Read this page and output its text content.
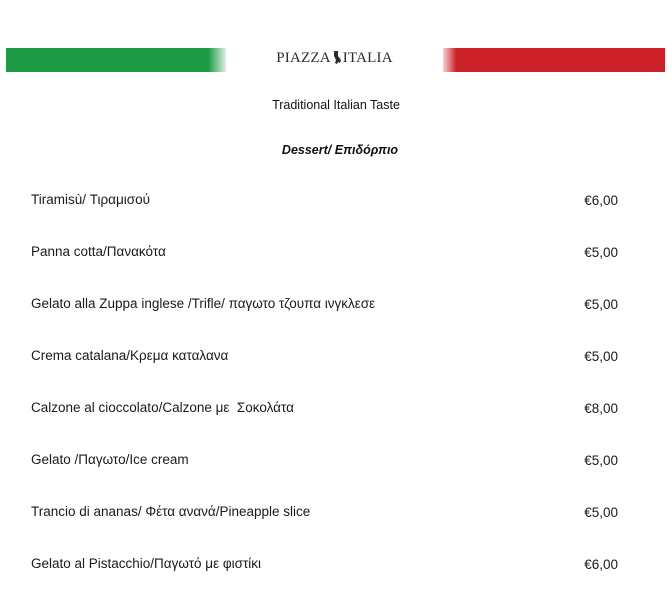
PIAZZA ITALIA
Traditional Italian Taste
Dessert/ Επιδόρπιο
Tiramisù/ Τιραμισού	€6,00
Panna cotta/Πανακότα	€5,00
Gelato alla Zuppa inglese /Trifle/ παγωτο τζουπα ινγκλεσε	€5,00
Crema catalana/Κρεμα καταλανα	€5,00
Calzone al cioccolato/Calzone με  Σοκολάτα	€8,00
Gelato /Παγωτο/Ice cream	€5,00
Trancio di ananas/ Φέτα ανανά/Pineapple slice	€5,00
Gelato al Pistacchio/Παγωτό με φιστίκι	€6,00
